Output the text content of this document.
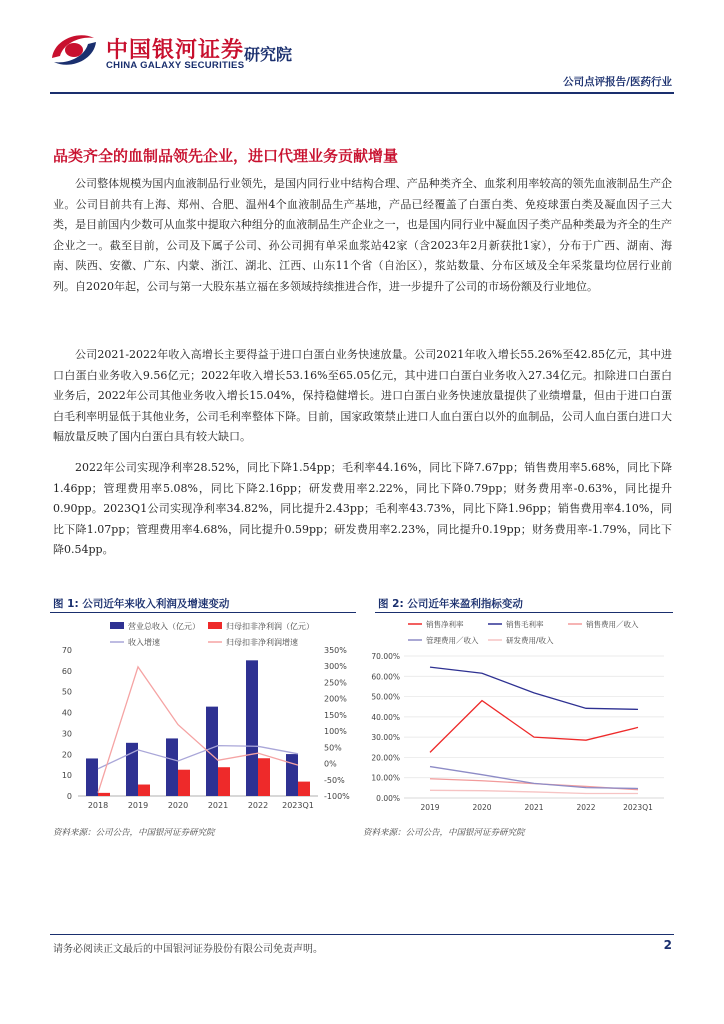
中国银河证券
CHINA GALAXY SECURITIES
研究院
公司点评报告/医药行业
品类齐全的血制品领先企业，进口代理业务贡献增量

公司整体规模为国内血液制品行业领先，是国内同行业中结构合理、产品种类齐全、血浆利用率较高的领先血液制品生产企业。公司目前共有上海、郑州、合肥、温州4个血液制品生产基地，产品已经覆盖了白蛋白类、免疫球蛋白类及凝血因子三大类，是目前国内少数可从血浆中提取六种组分的血液制品生产企业之一，也是国内同行业中凝血因子类产品种类最为齐全的生产企业之一。截至目前，公司及下属子公司、孙公司拥有单采血浆站42家（含2023年2月新获批1家），分布于广西、湖南、海南、陕西、安徽、广东、内蒙、浙江、湖北、江西、山东11个省（自治区），浆站数量、分布区域及全年采浆量均位居行业前列。自2020年起，公司与第一大股东基立福在多领域持续推进合作，进一步提升了公司的市场份额及行业地位。

公司2021-2022年收入高增长主要得益于进口白蛋白业务快速放量。公司2021年收入增长55.26%至42.85亿元，其中进口白蛋白业务收入9.56亿元；2022年收入增长53.16%至65.05亿元，其中进口白蛋白业务收入27.34亿元。扣除进口白蛋白业务后，2022年公司其他业务收入增长15.04%，保持稳健增长。进口白蛋白业务快速放量提供了业绩增量，但由于进口白蛋白毛利率明显低于其他业务，公司毛利率整体下降。目前，国家政策禁止进口人血白蛋白以外的血制品，公司人血白蛋白进口大幅放量反映了国内白蛋白具有较大缺口。

2022年公司实现净利率28.52%，同比下降1.54pp；毛利率44.16%，同比下降7.67pp；销售费用率5.68%，同比下降1.46pp；管理费用率5.08%，同比下降2.16pp；研发费用率2.22%，同比下降0.79pp；财务费用率-0.63%，同比提升0.90pp。2023Q1公司实现净利率34.82%，同比提升2.43pp；毛利率43.73%，同比下降1.96pp；销售费用率4.10%，同比下降1.07pp；管理费用率4.68%，同比提升0.59pp；研发费用率2.23%，同比提升0.19pp；财务费用率-1.79%，同比下降0.54pp。

图 1: 公司近年来收入利润及增速变动	图 2: 公司近年来盈利指标变动
营业总收入（亿元）	归母扣非净利润（亿元）
收入增速	归母扣非净利润增速
0
10
20
30
40
50
60
70
-100%
-50%
0%
50%
100%
150%
200%
250%
300%
350%
2018 2019 2020 2021 2022 2023Q1
资料来源：公司公告，中国银河证券研究院
销售净利率	销售毛利率	销售费用／收入
管理费用／收入	研发费用/收入
0.00%
10.00%
20.00%
30.00%
40.00%
50.00%
60.00%
70.00%
2019	2020	2021	2022	2023Q1
资料来源：公司公告，中国银河证券研究院
请务必阅读正文最后的中国银河证券股份有限公司免责声明。	2
